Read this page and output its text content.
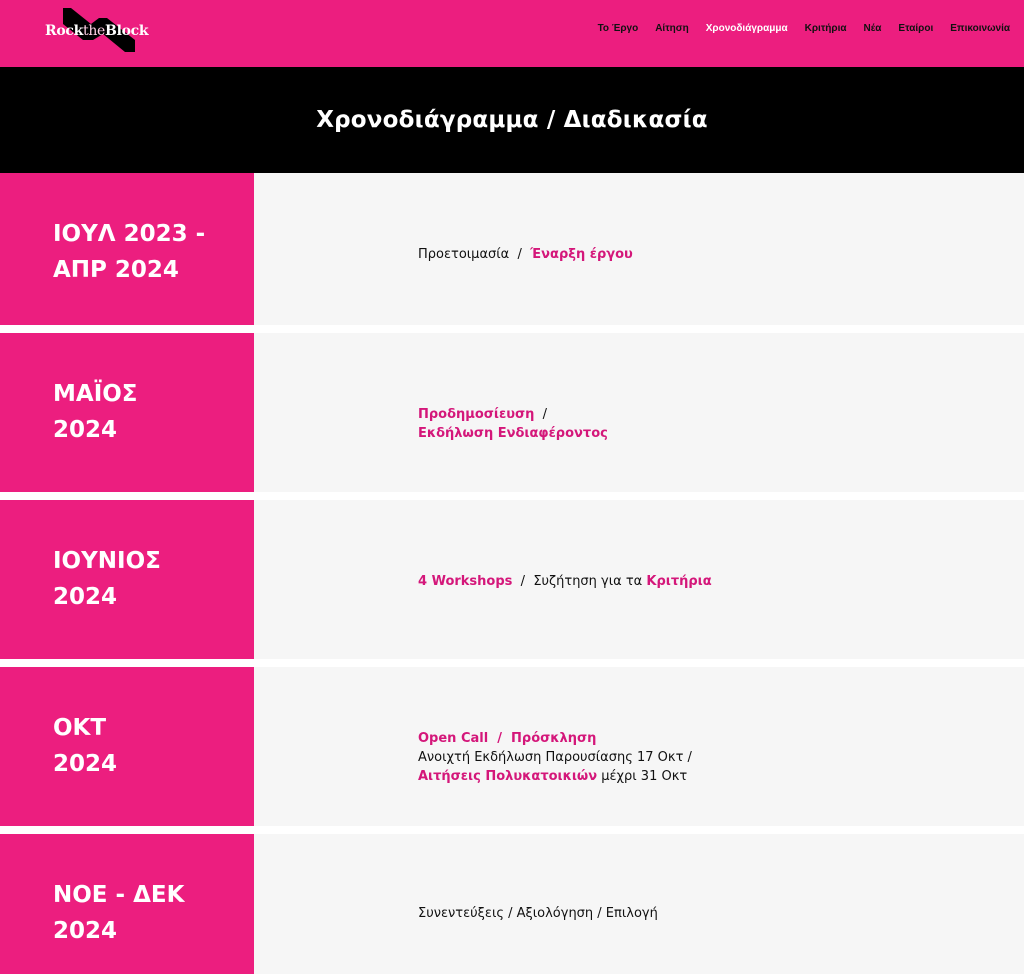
RocktheBlock	Το Έργο Αίτηση Χρονοδιάγραμμα Κριτήρια Νέα Εταίροι Επικοινωνία
Χρονοδιάγραμμα / Διαδικασία
ΙΟΥΛ 2023 -
ΑΠΡ 2024
Προετοιμασία  /  Έναρξη έργου
ΜΑΪΟΣ
2024
Προδημοσίευση  /
Εκδήλωση Ενδιαφέροντος
ΙΟΥΝΙΟΣ
2024
4 Workshops  /  Συζήτηση για τα Κριτήρια
ΟΚΤ
2024
Open Call  /  Πρόσκληση
Ανοιχτή Εκδήλωση Παρουσίασης 17 Οκτ /
Αιτήσεις Πολυκατοικιών μέχρι 31 Οκτ
ΝΟΕ - ΔΕΚ
2024
Συνεντεύξεις / Αξιολόγηση / Επιλογή
